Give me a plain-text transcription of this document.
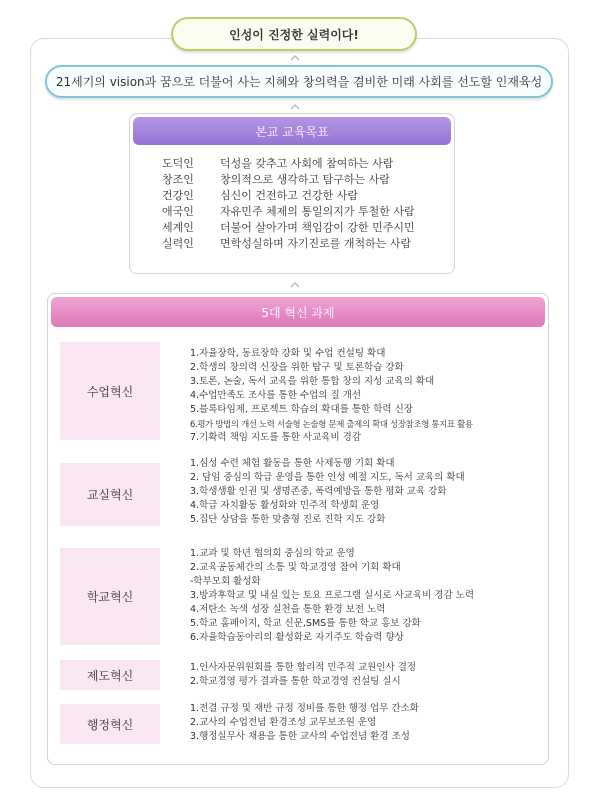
인성이 진정한 실력이다!
21세기의 vision과 꿈으로 더불어 사는 지혜와 창의력을 겸비한 미래 사회를 선도할 인재육성
본교 교육목표
도덕인 덕성을 갖추고 사회에 참여하는 사람
창조인 창의적으로 생각하고 탐구하는 사람
건강인 심신이 건전하고 건강한 사람
애국인 자유민주 체제의 통일의지가 투철한 사람
세계인 더불어 살아가며 책임감이 강한 민주시민
실력인 면학성실하며 자기진로를 개척하는 사람
5대 혁신 과제
수업혁신
1.자율장학, 동료장학 강화 및 수업 컨설팅 확대
2.학생의 창의력 신장을 위한 탐구 및 토론학습 강화
3.토론, 논술, 독서 교육을 위한 통합 창의 지성 교육의 확대
4.수업만족도 조사를 통한 수업의 질 개선
5.블록타임제, 프로젝트 학습의 확대를 통한 학력 신장
6.평가 방법의 개선 노력 서술형 논술형 문제 출제의 확대 성장참조형 통지표 활용
7.기확력 책임 지도를 통한 사교육비 경감
교실혁신
1.심성 수련 체험 활동을 통한 사제동행 기회 확대
2. 담임 중심의 학급 운영을 통한 인성 예절 지도, 독서 교육의 확대
3.학생생활 인권 및 생명존중, 폭력예방을 통한 평화 교육 강화
4.학급 자치활동 활성화와 민주적 학생회 운영
5.집단 상담을 통한 맞춤형 진로 진학 지도 강화
학교혁신
1.교과 및 학년 협의회 중심의 학교 운영
2.교육공동체간의 소통 및 학교경영 참여 기회 확대
-학부모회 활성화
3.방과후학교 및 내실 있는 토요 프로그램 실시로 사교육비 경감 노력
4.저탄소 녹색 성장 실천을 통한 환경 보전 노력
5.학교 홈페이지, 학교 신문,SMS를 통한 학교 홍보 강화
6.자율학습동아리의 활성화로 자기주도 학습력 향상
제도혁신
1.인사자문위원회를 통한 합리적 민주적 교원인사 결정
2.학교경영 평가 결과를 통한 학교경영 컨설팅 실시
행정혁신
1.전결 규정 및 재반 규정 정비를 통한 행정 업무 간소화
2.교사의 수업전념 환경조성 교무보조원 운영
3.행정실무사 채용을 통한 교사의 수업전념 환경 조성
